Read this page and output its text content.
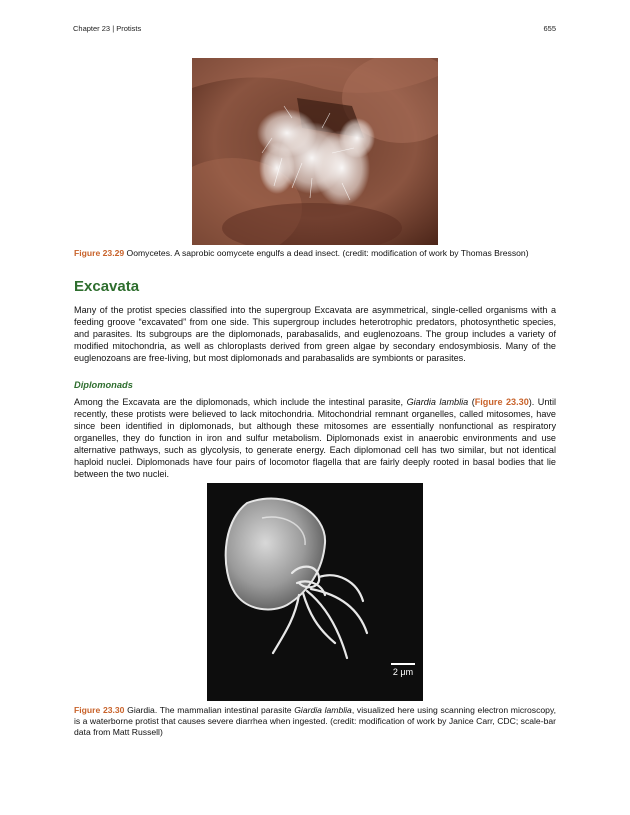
Chapter 23 | Protists	655
Figure 23.29 Oomycetes. A saprobic oomycete engulfs a dead insect. (credit: modification of work by Thomas Bresson)
Excavata

Many of the protist species classified into the supergroup Excavata are asymmetrical, single-celled organisms with a feeding groove “excavated” from one side. This supergroup includes heterotrophic predators, photosynthetic species, and parasites. Its subgroups are the diplomonads, parabasalids, and euglenozoans. The group includes a variety of modified mitochondria, as well as chloroplasts derived from green algae by secondary endosymbiosis. Many of the euglenozoans are free-living, but most diplomonads and parabasalids are symbionts or parasites.

Diplomonads

Among the Excavata are the diplomonads, which include the intestinal parasite, Giardia lamblia (Figure 23.30). Until recently, these protists were believed to lack mitochondria. Mitochondrial remnant organelles, called mitosomes, have since been identified in diplomonads, but although these mitosomes are essentially nonfunctional as respiratory organelles, they do function in iron and sulfur metabolism. Diplomonads exist in anaerobic environments and use alternative pathways, such as glycolysis, to generate energy. Each diplomonad cell has two similar, but not identical haploid nuclei. Diplomonads have four pairs of locomotor flagella that are fairly deeply rooted in basal bodies that lie between the two nuclei.

2 μm
Figure 23.30 Giardia. The mammalian intestinal parasite Giardia lamblia, visualized here using scanning electron microscopy, is a waterborne protist that causes severe diarrhea when ingested. (credit: modification of work by Janice Carr, CDC; scale-bar data from Matt Russell)
